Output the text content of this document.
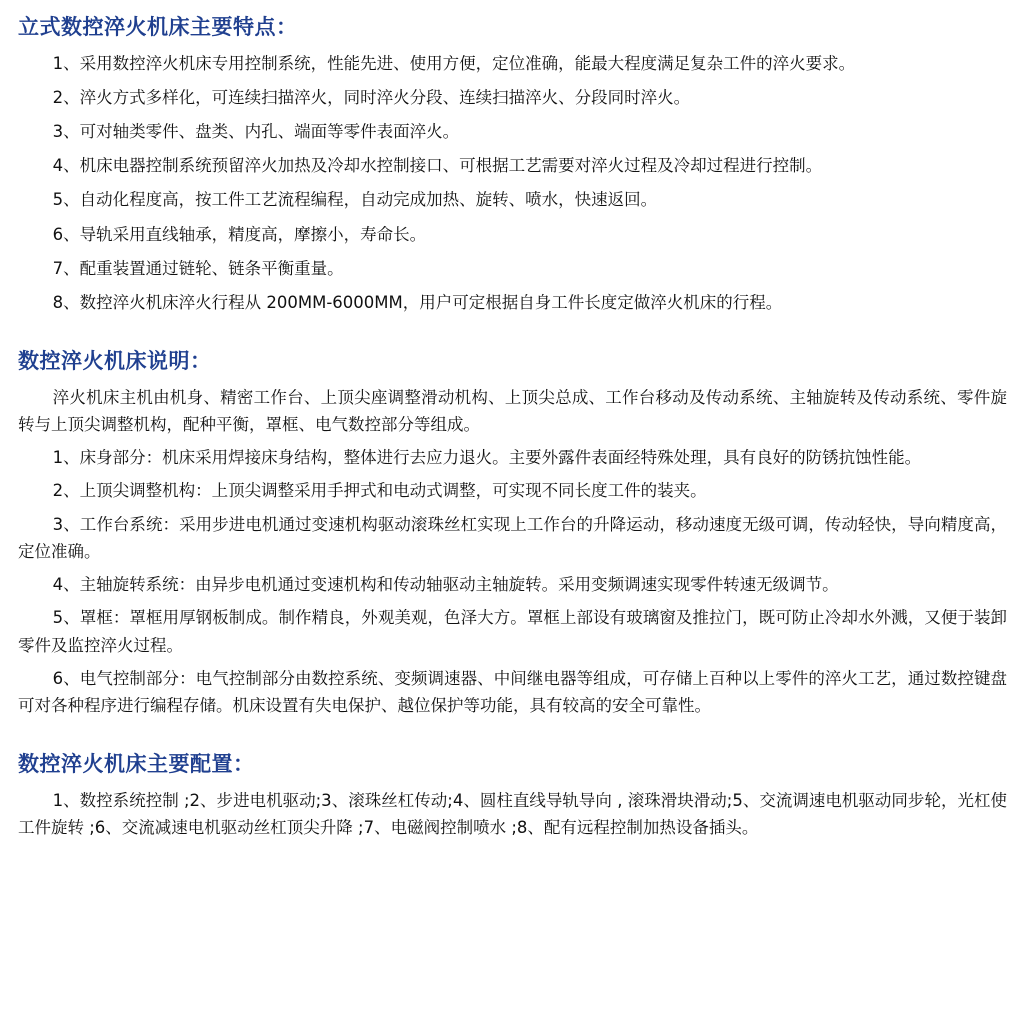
立式数控淬火机床主要特点：

1、采用数控淬火机床专用控制系统，性能先进、使用方便，定位准确，能最大程度满足复杂工件的淬火要求。

2、淬火方式多样化，可连续扫描淬火，同时淬火分段、连续扫描淬火、分段同时淬火。

3、可对轴类零件、盘类、内孔、端面等零件表面淬火。

4、机床电器控制系统预留淬火加热及冷却水控制接口、可根据工艺需要对淬火过程及冷却过程进行控制。

5、自动化程度高，按工件工艺流程编程，自动完成加热、旋转、喷水，快速返回。

6、导轨采用直线轴承，精度高，摩擦小，寿命长。

7、配重装置通过链轮、链条平衡重量。

8、数控淬火机床淬火行程从 200MM-6000MM，用户可定根据自身工件长度定做淬火机床的行程。

数控淬火机床说明：

淬火机床主机由机身、精密工作台、上顶尖座调整滑动机构、上顶尖总成、工作台移动及传动系统、主轴旋转及传动系统、零件旋转与上顶尖调整机构，配种平衡，罩框、电气数控部分等组成。

1、床身部分：机床采用焊接床身结构，整体进行去应力退火。主要外露件表面经特殊处理，具有良好的防锈抗蚀性能。

2、上顶尖调整机构：上顶尖调整采用手押式和电动式调整，可实现不同长度工件的装夹。

3、工作台系统：采用步进电机通过变速机构驱动滚珠丝杠实现上工作台的升降运动，移动速度无级可调，传动轻快，导向精度高，定位准确。

4、主轴旋转系统：由异步电机通过变速机构和传动轴驱动主轴旋转。采用变频调速实现零件转速无级调节。

5、罩框：罩框用厚钢板制成。制作精良，外观美观，色泽大方。罩框上部设有玻璃窗及推拉门，既可防止冷却水外溅，又便于装卸零件及监控淬火过程。

6、电气控制部分：电气控制部分由数控系统、变频调速器、中间继电器等组成，可存储上百种以上零件的淬火工艺，通过数控键盘可对各种程序进行编程存储。机床设置有失电保护、越位保护等功能，具有较高的安全可靠性。

数控淬火机床主要配置：

1、数控系统控制 ;2、步进电机驱动;3、滚珠丝杠传动;4、圆柱直线导轨导向 , 滚珠滑块滑动;5、交流调速电机驱动同步轮，光杠使工件旋转 ;6、交流减速电机驱动丝杠顶尖升降 ;7、电磁阀控制喷水 ;8、配有远程控制加热设备插头。
